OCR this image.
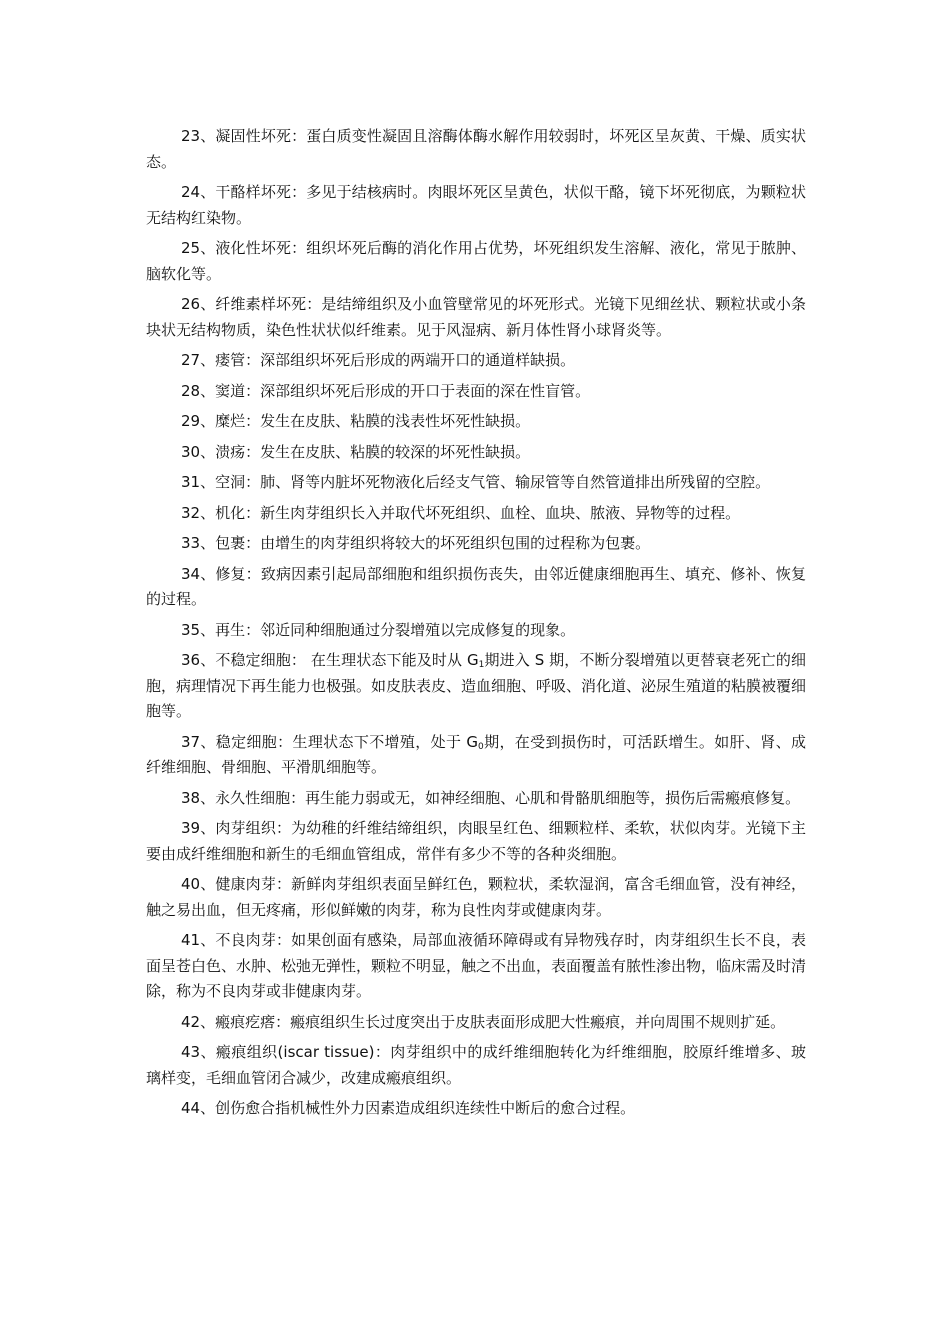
23、凝固性坏死：蛋白质变性凝固且溶酶体酶水解作用较弱时，坏死区呈灰黄、干燥、质实状态。

24、干酪样坏死：多见于结核病时。肉眼坏死区呈黄色，状似干酪，镜下坏死彻底，为颗粒状无结构红染物。

25、液化性坏死：组织坏死后酶的消化作用占优势，坏死组织发生溶解、液化，常见于脓肿、脑软化等。

26、纤维素样坏死：是结缔组织及小血管壁常见的坏死形式。光镜下见细丝状、颗粒状或小条块状无结构物质，染色性状状似纤维素。见于风湿病、新月体性肾小球肾炎等。

27、瘘管：深部组织坏死后形成的两端开口的通道样缺损。

28、窦道：深部组织坏死后形成的开口于表面的深在性盲管。

29、糜烂：发生在皮肤、粘膜的浅表性坏死性缺损。

30、溃疡：发生在皮肤、粘膜的较深的坏死性缺损。

31、空洞：肺、肾等内脏坏死物液化后经支气管、输尿管等自然管道排出所残留的空腔。

32、机化：新生肉芽组织长入并取代坏死组织、血栓、血块、脓液、异物等的过程。

33、包裹：由增生的肉芽组织将较大的坏死组织包围的过程称为包裹。

34、修复：致病因素引起局部细胞和组织损伤丧失，由邻近健康细胞再生、填充、修补、恢复的过程。

35、再生：邻近同种细胞通过分裂增殖以完成修复的现象。

36、不稳定细胞： 在生理状态下能及时从 $G_1$期进入 S 期，不断分裂增殖以更替衰老死亡的细胞，病理情况下再生能力也极强。如皮肤表皮、造血细胞、呼吸、消化道、泌尿生殖道的粘膜被覆细胞等。

37、稳定细胞：生理状态下不增殖，处于 $G_0$期，在受到损伤时，可活跃增生。如肝、肾、成纤维细胞、骨细胞、平滑肌细胞等。

38、永久性细胞：再生能力弱或无，如神经细胞、心肌和骨骼肌细胞等，损伤后需瘢痕修复。

39、肉芽组织：为幼稚的纤维结缔组织，肉眼呈红色、细颗粒样、柔软，状似肉芽。光镜下主要由成纤维细胞和新生的毛细血管组成，常伴有多少不等的各种炎细胞。

40、健康肉芽：新鲜肉芽组织表面呈鲜红色，颗粒状，柔软湿润，富含毛细血管，没有神经，触之易出血，但无疼痛，形似鲜嫩的肉芽，称为良性肉芽或健康肉芽。

41、不良肉芽：如果创面有感染，局部血液循环障碍或有异物残存时，肉芽组织生长不良，表面呈苍白色、水肿、松弛无弹性，颗粒不明显，触之不出血，表面覆盖有脓性渗出物，临床需及时清除，称为不良肉芽或非健康肉芽。

42、瘢痕疙瘩：瘢痕组织生长过度突出于皮肤表面形成肥大性瘢痕，并向周围不规则扩延。

43、瘢痕组织(iscar tissue)：肉芽组织中的成纤维细胞转化为纤维细胞，胶原纤维增多、玻璃样变，毛细血管闭合减少，改建成瘢痕组织。

44、创伤愈合指机械性外力因素造成组织连续性中断后的愈合过程。
